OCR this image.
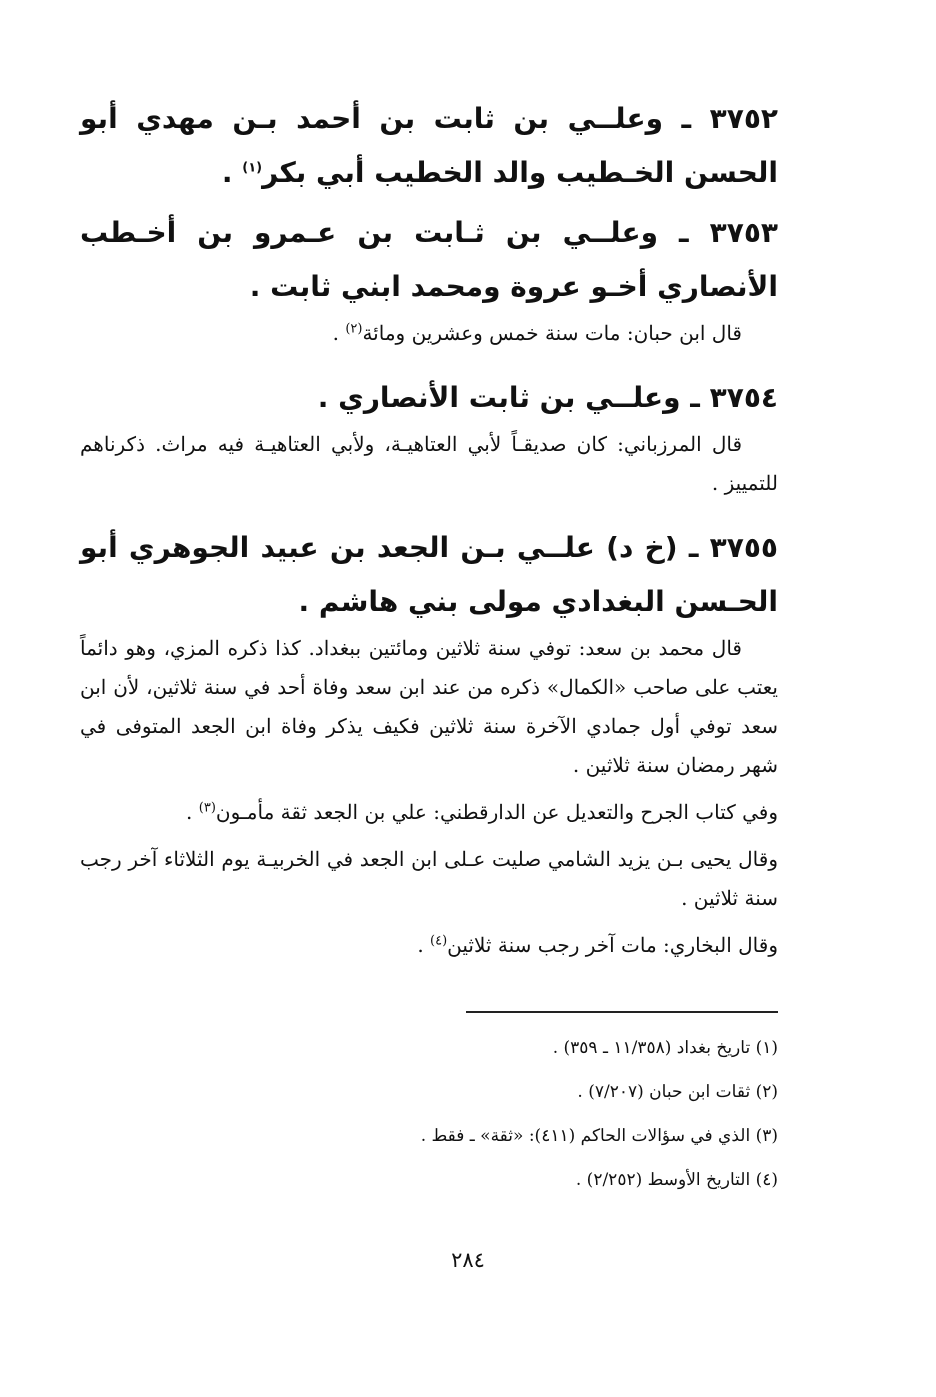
٣٧٥٢ ـ وعلــي بن ثابت بن أحمد بـن مهدي أبو الحسن الخـطيب والد الخطيب أبي بكر$^{(١)}$ .

٣٧٥٣ ـ وعلــي بن ثـابت بن عـمرو بن أخـطب الأنصاري أخـو عروة ومحمد ابني ثابت .

قال ابن حبان: مات سنة خمس وعشرين ومائة$^{(٢)}$ .

٣٧٥٤ ـ وعلــي بن ثابت الأنصاري .

قال المرزباني: كان صديقـاً لأبي العتاهيـة، ولأبي العتاهيـة فيه مراث. ذكرناهم للتمييز .

٣٧٥٥ ـ (خ د) علــي بـن الجعد بن عبيد الجوهري أبو الحـسن البغدادي مولى بني هاشم .

قال محمد بن سعد: توفي سنة ثلاثين ومائتين ببغداد. كذا ذكره المزي، وهو دائماً يعتب على صاحب «الكمال» ذكره من عند ابن سعد وفاة أحد في سنة ثلاثين، لأن ابن سعد توفي أول جمادي الآخرة سنة ثلاثين فكيف يذكر وفاة ابن الجعد المتوفى في شهر رمضان سنة ثلاثين .

وفي كتاب الجرح والتعديل عن الدارقطني: علي بن الجعد ثقة مأمـون$^{(٣)}$ .

وقال يحيى بـن يزيد الشامي صليت عـلى ابن الجعد في الخربيـة يوم الثلاثاء آخر رجب سنة ثلاثين .

وقال البخاري: مات آخر رجب سنة ثلاثين$^{(٤)}$ .

(١) تاريخ بغداد (١١/٣٥٨ ـ ٣٥٩) .
(٢) ثقات ابن حبان (٧/٢٠٧) .
(٣) الذي في سؤالات الحاكم (٤١١): «ثقة» ـ فقط .
(٤) التاريخ الأوسط (٢/٢٥٢) .
٢٨٤
